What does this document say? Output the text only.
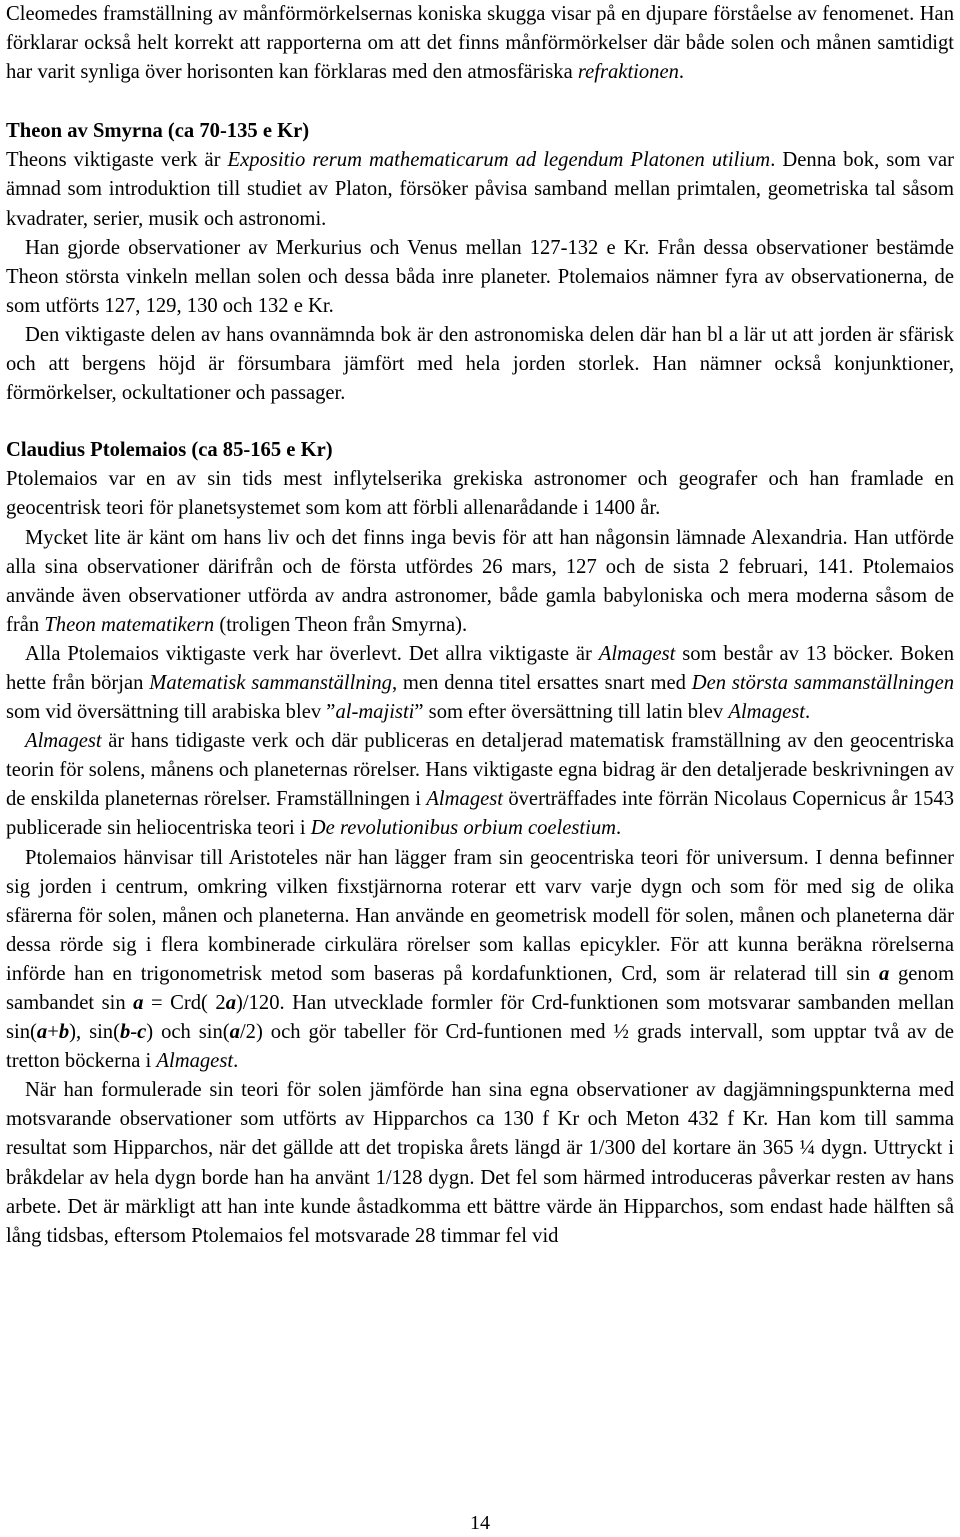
Cleomedes framställning av månförmörkelsernas koniska skugga visar på en djupare förståelse av fenomenet. Han förklarar också helt korrekt att rapporterna om att det finns månförmörkelser där både solen och månen samtidigt har varit synliga över horisonten kan förklaras med den atmosfäriska refraktionen.

Theon av Smyrna (ca 70-135 e Kr)

Theons viktigaste verk är Expositio rerum mathematicarum ad legendum Platonen utilium. Denna bok, som var ämnad som introduktion till studiet av Platon, försöker påvisa samband mellan primtalen, geometriska tal såsom kvadrater, serier, musik och astronomi.

Han gjorde observationer av Merkurius och Venus mellan 127-132 e Kr. Från dessa observationer bestämde Theon största vinkeln mellan solen och dessa båda inre planeter. Ptolemaios nämner fyra av observationerna, de som utförts 127, 129, 130 och 132 e Kr.

Den viktigaste delen av hans ovannämnda bok är den astronomiska delen där han bl a lär ut att jorden är sfärisk och att bergens höjd är försumbara jämfört med hela jorden storlek. Han nämner också konjunktioner, förmörkelser, ockultationer och passager.

Claudius Ptolemaios (ca 85-165 e Kr)

Ptolemaios var en av sin tids mest inflytelserika grekiska astronomer och geografer och han framlade en geocentrisk teori för planetsystemet som kom att förbli allenarådande i 1400 år.

Mycket lite är känt om hans liv och det finns inga bevis för att han någonsin lämnade Alexandria. Han utförde alla sina observationer därifrån och de första utfördes 26 mars, 127 och de sista 2 februari, 141. Ptolemaios använde även observationer utförda av andra astronomer, både gamla babyloniska och mera moderna såsom de från Theon matematikern (troligen Theon från Smyrna).

Alla Ptolemaios viktigaste verk har överlevt. Det allra viktigaste är Almagest som består av 13 böcker. Boken hette från början Matematisk sammanställning, men denna titel ersattes snart med Den största sammanställningen som vid översättning till arabiska blev ”al-majisti” som efter översättning till latin blev Almagest.

Almagest är hans tidigaste verk och där publiceras en detaljerad matematisk framställning av den geocentriska teorin för solens, månens och planeternas rörelser. Hans viktigaste egna bidrag är den detaljerade beskrivningen av de enskilda planeternas rörelser. Framställningen i Almagest överträffades inte förrän Nicolaus Copernicus år 1543 publicerade sin heliocentriska teori i De revolutionibus orbium coelestium.

Ptolemaios hänvisar till Aristoteles när han lägger fram sin geocentriska teori för universum. I denna befinner sig jorden i centrum, omkring vilken fixstjärnorna roterar ett varv varje dygn och som för med sig de olika sfärerna för solen, månen och planeterna. Han använde en geometrisk modell för solen, månen och planeterna där dessa rörde sig i flera kombinerade cirkulära rörelser som kallas epicykler. För att kunna beräkna rörelserna införde han en trigonometrisk metod som baseras på kordafunktionen, Crd, som är relaterad till sin a genom sambandet sin a = Crd( 2a)/120. Han utvecklade formler för Crd-funktionen som motsvarar sambanden mellan sin(a+b), sin(b-c) och sin(a/2) och gör tabeller för Crd-funtionen med ½ grads intervall, som upptar två av de tretton böckerna i Almagest.

När han formulerade sin teori för solen jämförde han sina egna observationer av dagjämningspunkterna med motsvarande observationer som utförts av Hipparchos ca 130 f Kr och Meton 432 f Kr. Han kom till samma resultat som Hipparchos, när det gällde att det tropiska årets längd är 1/300 del kortare än 365 ¼ dygn. Uttryckt i bråkdelar av hela dygn borde han ha använt 1/128 dygn. Det fel som härmed introduceras påverkar resten av hans arbete. Det är märkligt att han inte kunde åstadkomma ett bättre värde än Hipparchos, som endast hade hälften så lång tidsbas, eftersom Ptolemaios fel motsvarade 28 timmar fel vid

14
